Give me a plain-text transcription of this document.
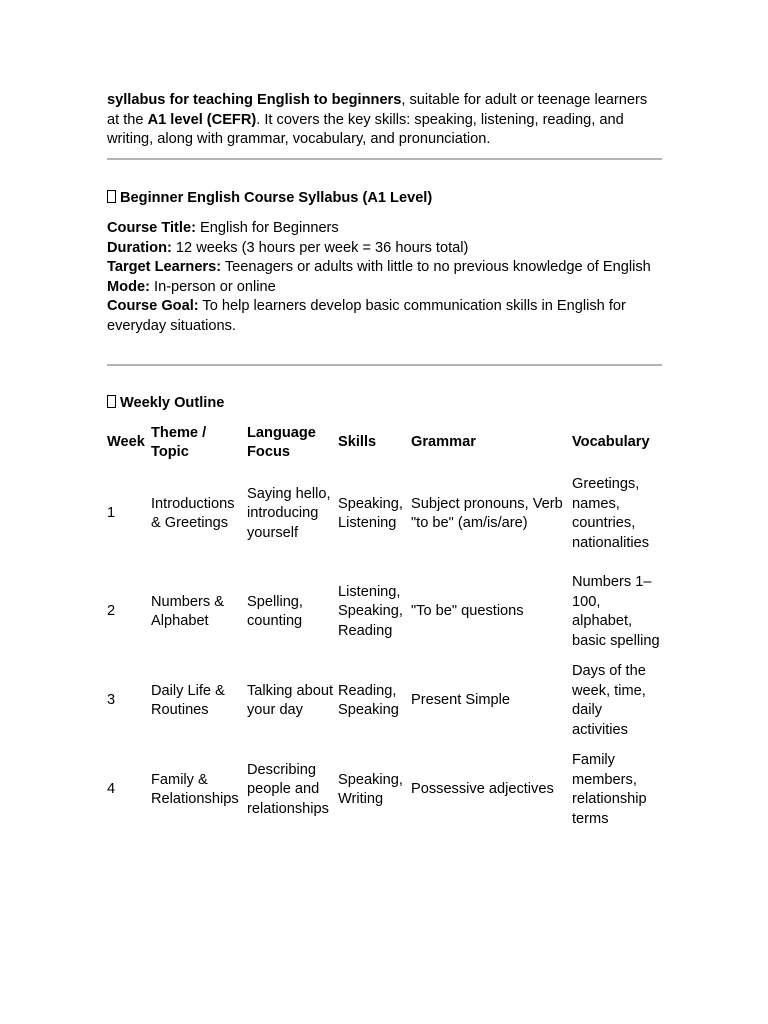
syllabus for teaching English to beginners, suitable for adult or teenage learners at the A1 level (CEFR). It covers the key skills: speaking, listening, reading, and writing, along with grammar, vocabulary, and pronunciation.

Beginner English Course Syllabus (A1 Level)

Course Title: English for Beginners

Duration: 12 weeks (3 hours per week = 36 hours total)

Target Learners: Teenagers or adults with little to no previous knowledge of English

Mode: In-person or online

Course Goal: To help learners develop basic communication skills in English for everyday situations.

Weekly Outline

Week	Theme / Topic	Language Focus	Skills	Grammar	Vocabulary
1	Introductions & Greetings	Saying hello, introducing yourself	Speaking, Listening	Subject pronouns, Verb "to be" (am/is/are)	Greetings, names, countries, nationalities
2	Numbers & Alphabet	Spelling, counting	Listening, Speaking, Reading	"To be" questions	Numbers 1–100, alphabet, basic spelling
3	Daily Life & Routines	Talking about your day	Reading, Speaking	Present Simple	Days of the week, time, daily activities
4	Family & Relationships	Describing people and relationships	Speaking, Writing	Possessive adjectives	Family members, relationship terms
